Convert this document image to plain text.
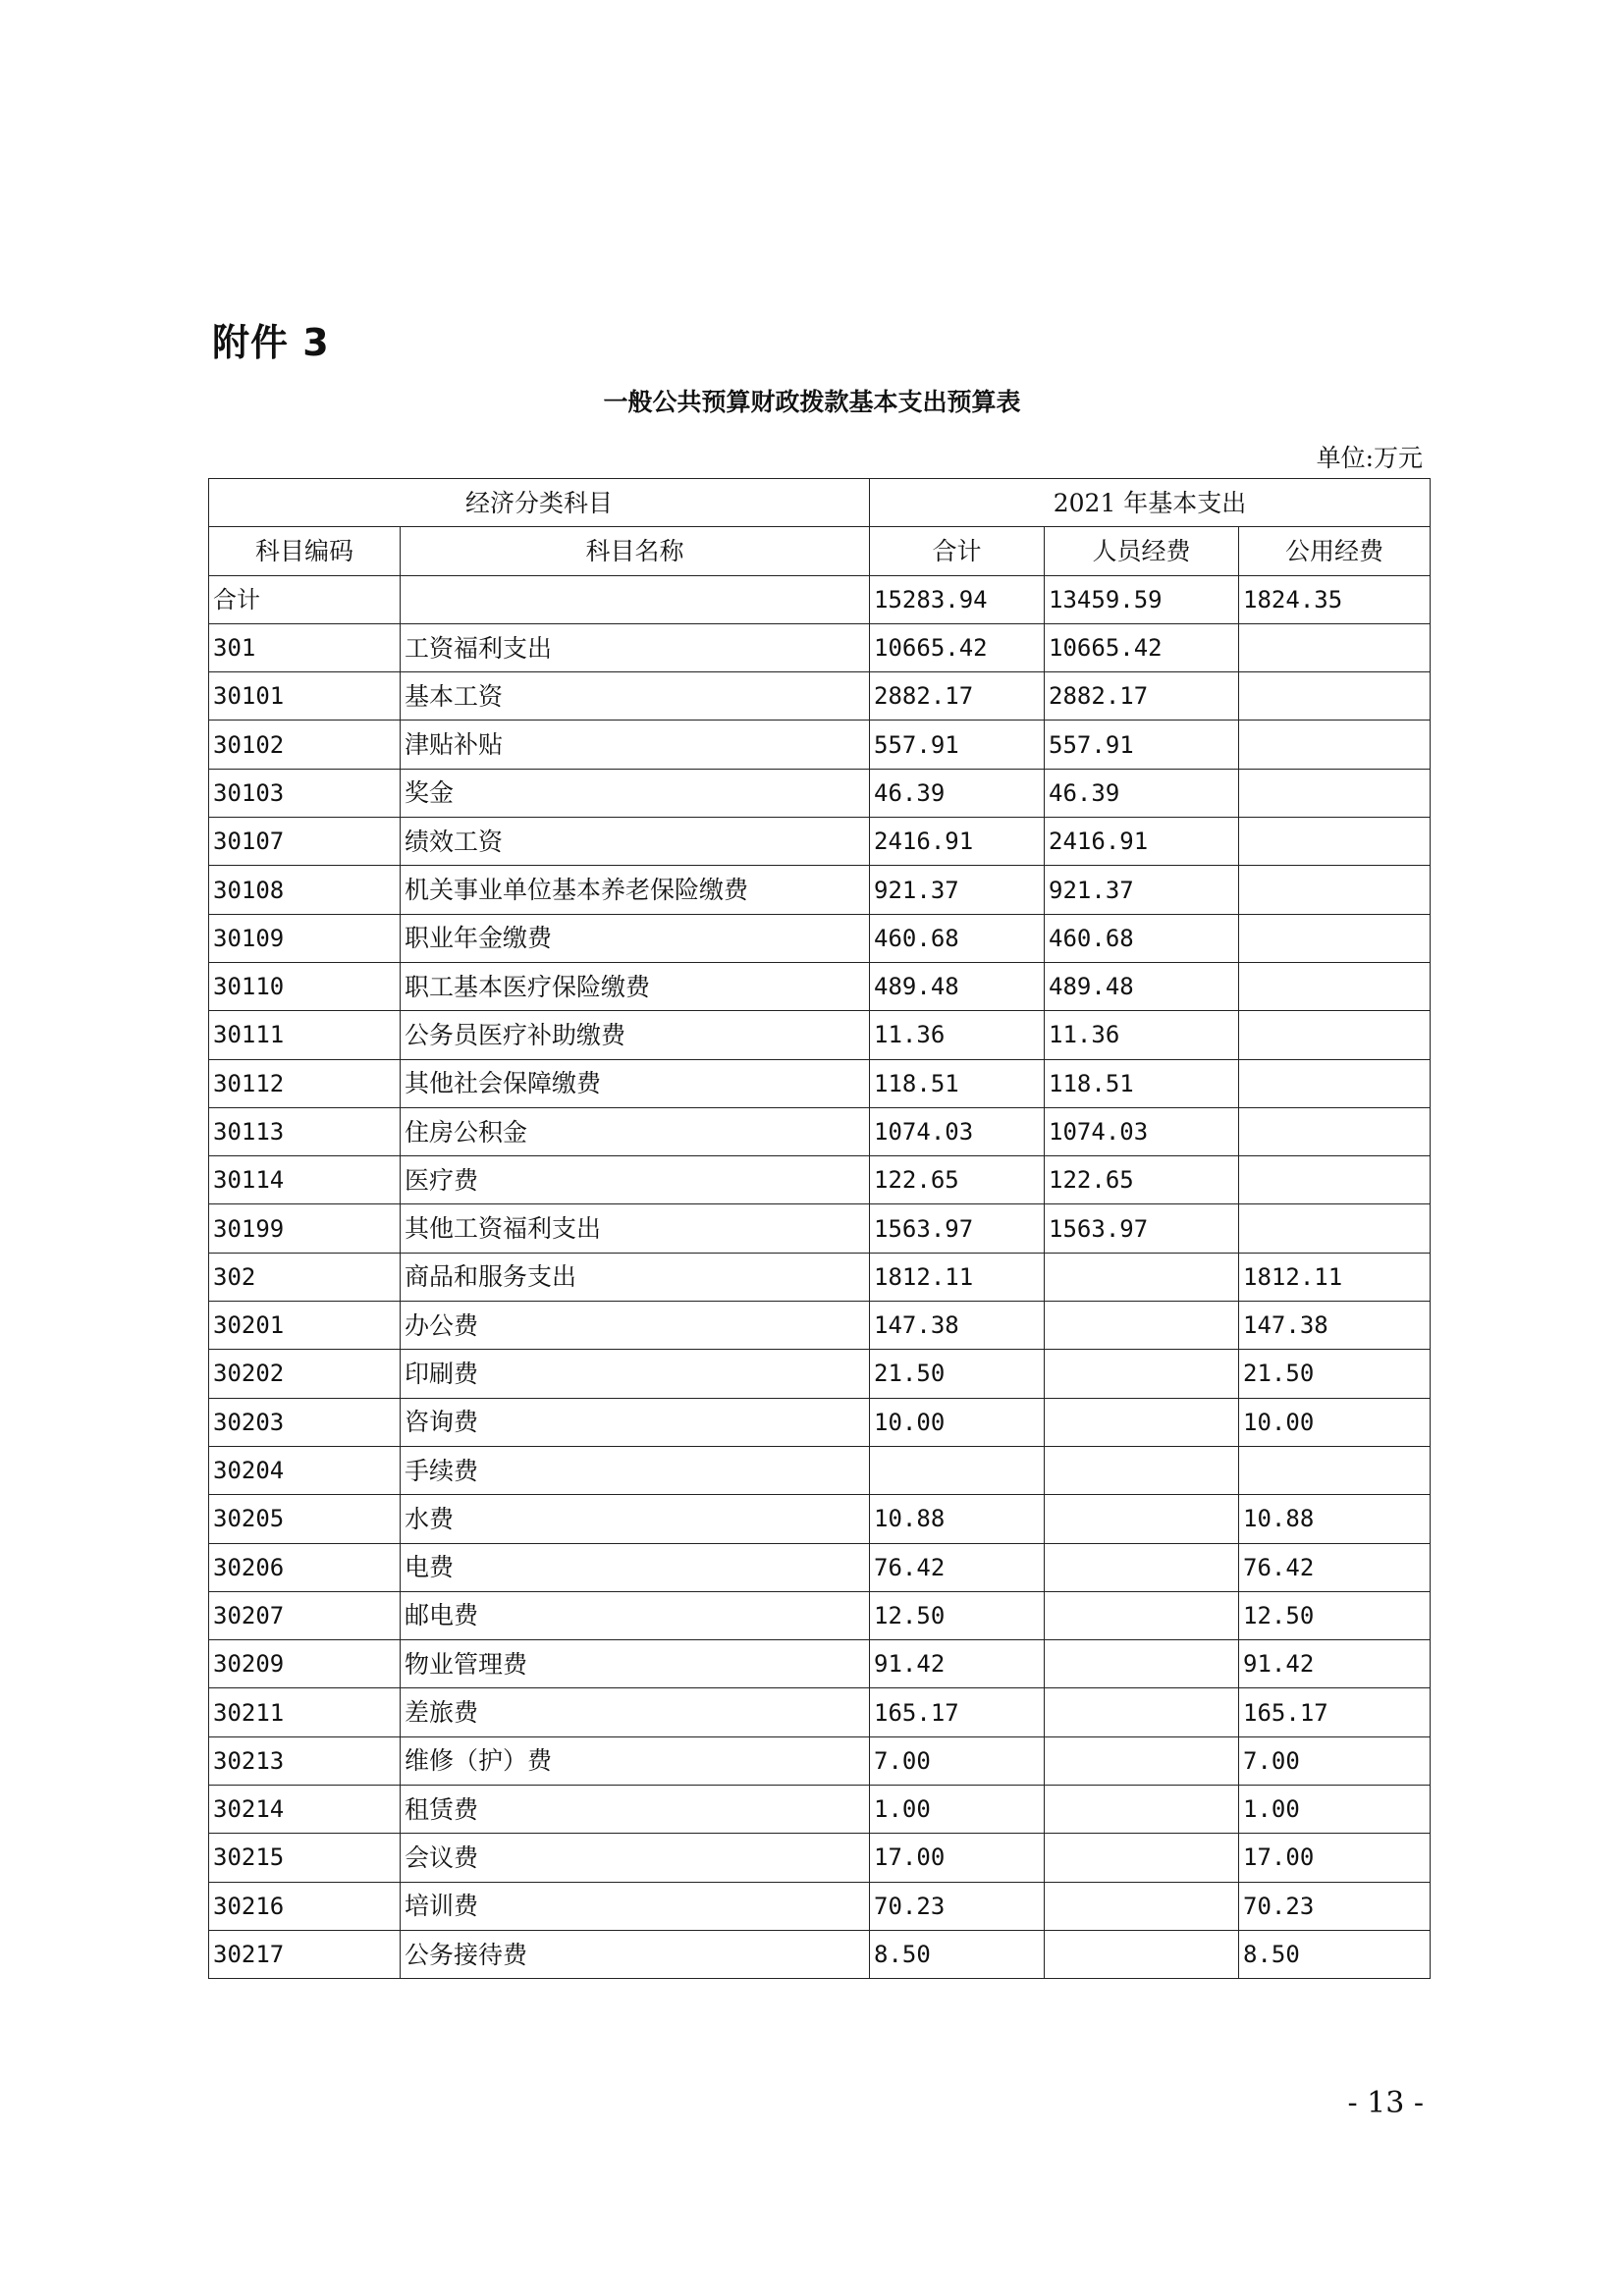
附件 3
一般公共预算财政拨款基本支出预算表
单位:万元
经济分类科目		2021 年基本支出		
科目编码	科目名称	合计	人员经费	公用经费
合计		15283.94	13459.59	1824.35
301	工资福利支出	10665.42	10665.42	
30101	基本工资	2882.17	2882.17	
30102	津贴补贴	557.91	557.91	
30103	奖金	46.39	46.39	
30107	绩效工资	2416.91	2416.91	
30108	机关事业单位基本养老保险缴费	921.37	921.37	
30109	职业年金缴费	460.68	460.68	
30110	职工基本医疗保险缴费	489.48	489.48	
30111	公务员医疗补助缴费	11.36	11.36	
30112	其他社会保障缴费	118.51	118.51	
30113	住房公积金	1074.03	1074.03	
30114	医疗费	122.65	122.65	
30199	其他工资福利支出	1563.97	1563.97	
302	商品和服务支出	1812.11		1812.11
30201	办公费	147.38		147.38
30202	印刷费	21.50		21.50
30203	咨询费	10.00		10.00
30204	手续费			
30205	水费	10.88		10.88
30206	电费	76.42		76.42
30207	邮电费	12.50		12.50
30209	物业管理费	91.42		91.42
30211	差旅费	165.17		165.17
30213	维修（护）费	7.00		7.00
30214	租赁费	1.00		1.00
30215	会议费	17.00		17.00
30216	培训费	70.23		70.23
30217	公务接待费	8.50		8.50
- 13 -
